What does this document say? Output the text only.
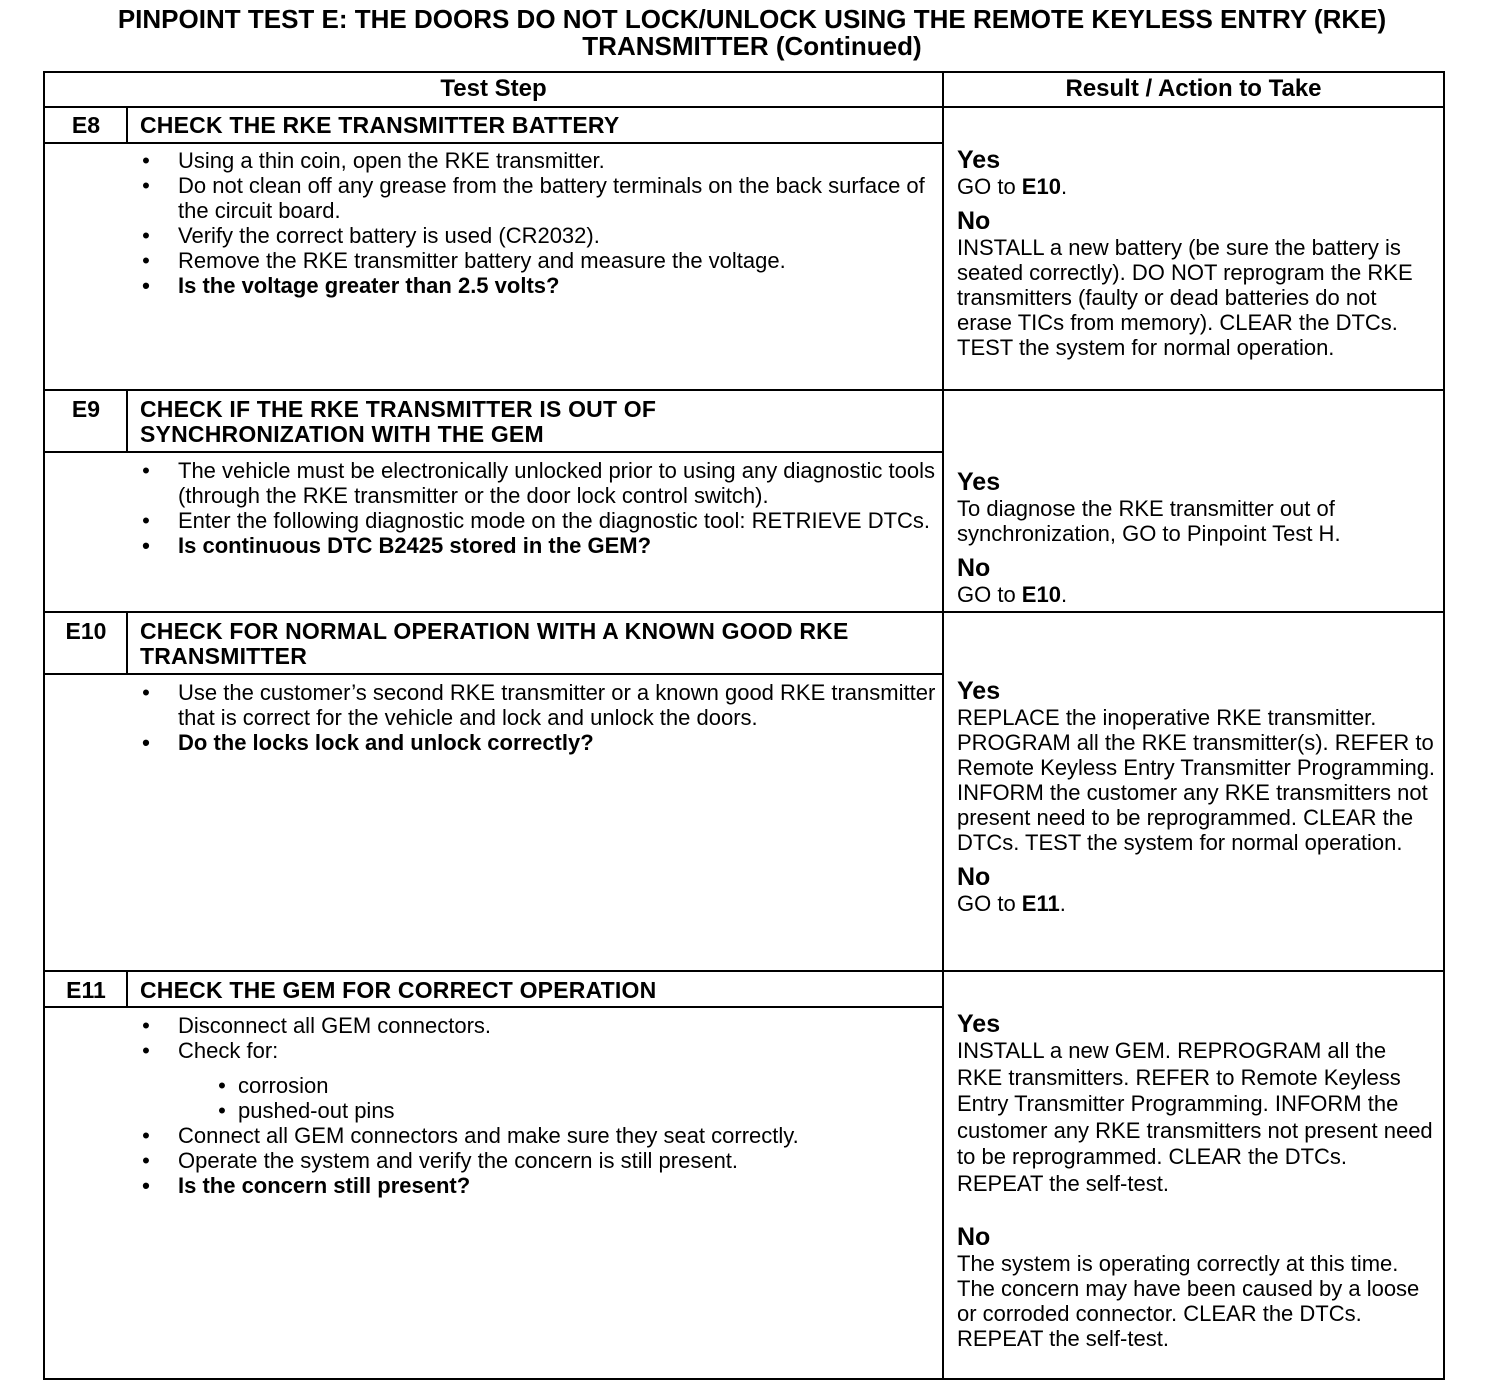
PINPOINT TEST E: THE DOORS DO NOT LOCK/UNLOCK USING THE REMOTE KEYLESS ENTRY (RKE)
TRANSMITTER (Continued)
Test Step	Result / Action to Take
E8	CHECK THE RKE TRANSMITTER BATTERY
• Using a thin coin, open the RKE transmitter.
• Do not clean off any grease from the battery terminals on the back surface of the circuit board.
• Verify the correct battery is used (CR2032).
• Remove the RKE transmitter battery and measure the voltage.
• Is the voltage greater than 2.5 volts?
Yes
GO to E10.
No
INSTALL a new battery (be sure the battery is seated correctly). DO NOT reprogram the RKE transmitters (faulty or dead batteries do not erase TICs from memory). CLEAR the DTCs. TEST the system for normal operation.
E9	CHECK IF THE RKE TRANSMITTER IS OUT OF SYNCHRONIZATION WITH THE GEM
• The vehicle must be electronically unlocked prior to using any diagnostic tools (through the RKE transmitter or the door lock control switch).
• Enter the following diagnostic mode on the diagnostic tool: RETRIEVE DTCs.
• Is continuous DTC B2425 stored in the GEM?
Yes
To diagnose the RKE transmitter out of synchronization, GO to Pinpoint Test H.
No
GO to E10.
E10	CHECK FOR NORMAL OPERATION WITH A KNOWN GOOD RKE TRANSMITTER
• Use the customer’s second RKE transmitter or a known good RKE transmitter that is correct for the vehicle and lock and unlock the doors.
• Do the locks lock and unlock correctly?
Yes
REPLACE the inoperative RKE transmitter. PROGRAM all the RKE transmitter(s). REFER to Remote Keyless Entry Transmitter Programming. INFORM the customer any RKE transmitters not present need to be reprogrammed. CLEAR the DTCs. TEST the system for normal operation.
No
GO to E11.
E11	CHECK THE GEM FOR CORRECT OPERATION
• Disconnect all GEM connectors.
• Check for:
• corrosion
• pushed-out pins
• Connect all GEM connectors and make sure they seat correctly.
• Operate the system and verify the concern is still present.
• Is the concern still present?
Yes
INSTALL a new GEM. REPROGRAM all the RKE transmitters. REFER to Remote Keyless Entry Transmitter Programming. INFORM the customer any RKE transmitters not present need to be reprogrammed. CLEAR the DTCs. REPEAT the self-test.
No
The system is operating correctly at this time. The concern may have been caused by a loose or corroded connector. CLEAR the DTCs. REPEAT the self-test.
